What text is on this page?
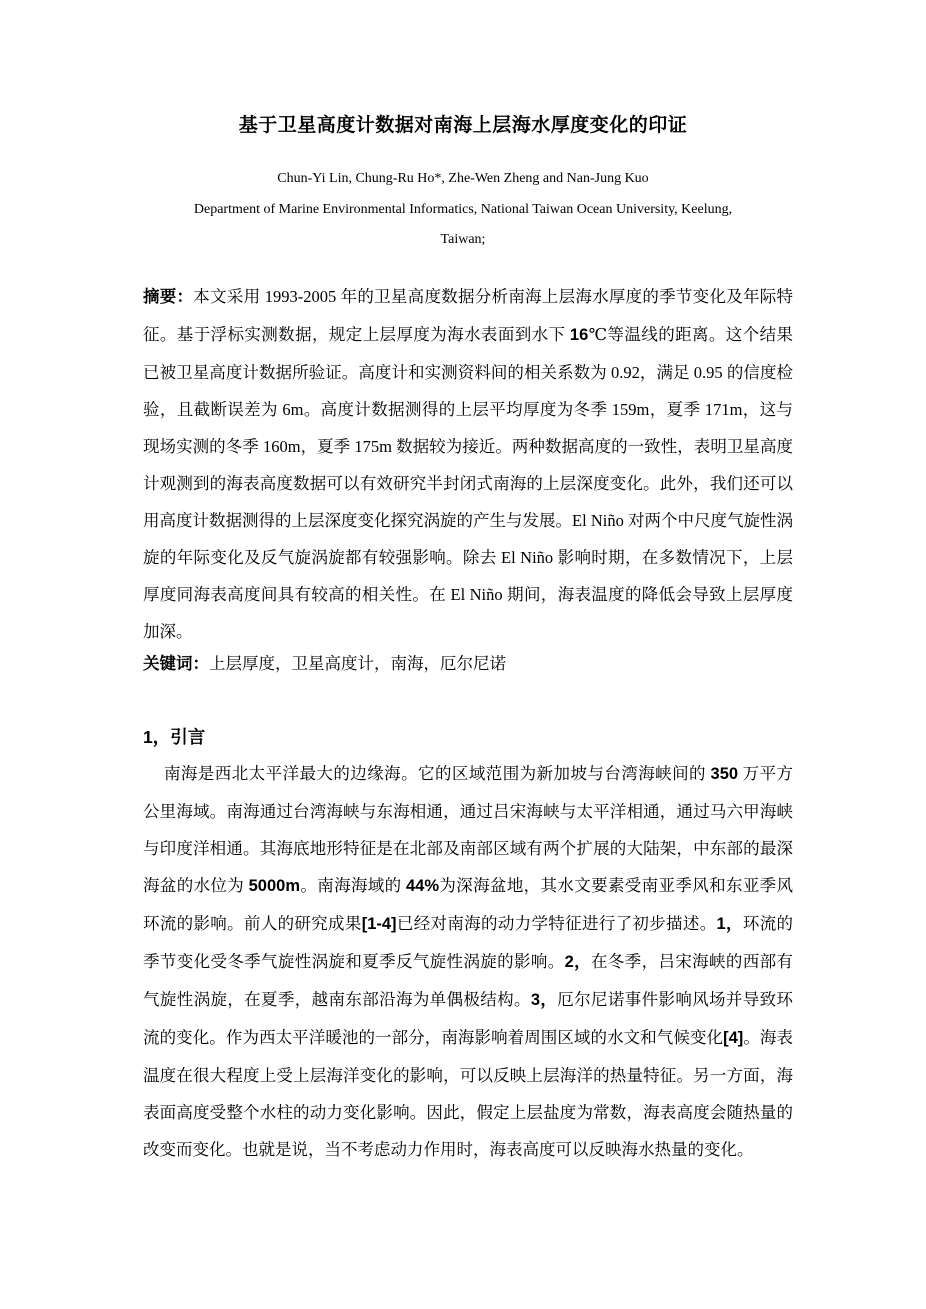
基于卫星高度计数据对南海上层海水厚度变化的印证
Chun-Yi Lin, Chung-Ru Ho*, Zhe-Wen Zheng and Nan-Jung Kuo
Department of Marine Environmental Informatics, National Taiwan Ocean University, Keelung,
Taiwan;
摘要：本文采用 1993-2005 年的卫星高度数据分析南海上层海水厚度的季节变化及年际特征。基于浮标实测数据，规定上层厚度为海水表面到水下 16℃等温线的距离。这个结果已被卫星高度计数据所验证。高度计和实测资料间的相关系数为 0.92，满足 0.95 的信度检验，且截断误差为 6m。高度计数据测得的上层平均厚度为冬季 159m，夏季 171m，这与现场实测的冬季 160m，夏季 175m 数据较为接近。两种数据高度的一致性，表明卫星高度计观测到的海表高度数据可以有效研究半封闭式南海的上层深度变化。此外，我们还可以用高度计数据测得的上层深度变化探究涡旋的产生与发展。El Niño 对两个中尺度气旋性涡旋的年际变化及反气旋涡旋都有较强影响。除去 El Niño 影响时期，在多数情况下，上层厚度同海表高度间具有较高的相关性。在 El Niño 期间，海表温度的降低会导致上层厚度加深。
关键词：上层厚度，卫星高度计，南海，厄尔尼诺
1，引言
南海是西北太平洋最大的边缘海。它的区域范围为新加坡与台湾海峡间的 350 万平方公里海域。南海通过台湾海峡与东海相通，通过吕宋海峡与太平洋相通，通过马六甲海峡与印度洋相通。其海底地形特征是在北部及南部区域有两个扩展的大陆架，中东部的最深海盆的水位为 5000m。南海海域的 44%为深海盆地，其水文要素受南亚季风和东亚季风环流的影响。前人的研究成果[1-4]已经对南海的动力学特征进行了初步描述。1，环流的季节变化受冬季气旋性涡旋和夏季反气旋性涡旋的影响。2，在冬季，吕宋海峡的西部有气旋性涡旋，在夏季，越南东部沿海为单偶极结构。3，厄尔尼诺事件影响风场并导致环流的变化。作为西太平洋暖池的一部分，南海影响着周围区域的水文和气候变化[4]。海表温度在很大程度上受上层海洋变化的影响，可以反映上层海洋的热量特征。另一方面，海表面高度受整个水柱的动力变化影响。因此，假定上层盐度为常数，海表高度会随热量的改变而变化。也就是说，当不考虑动力作用时，海表高度可以反映海水热量的变化。
